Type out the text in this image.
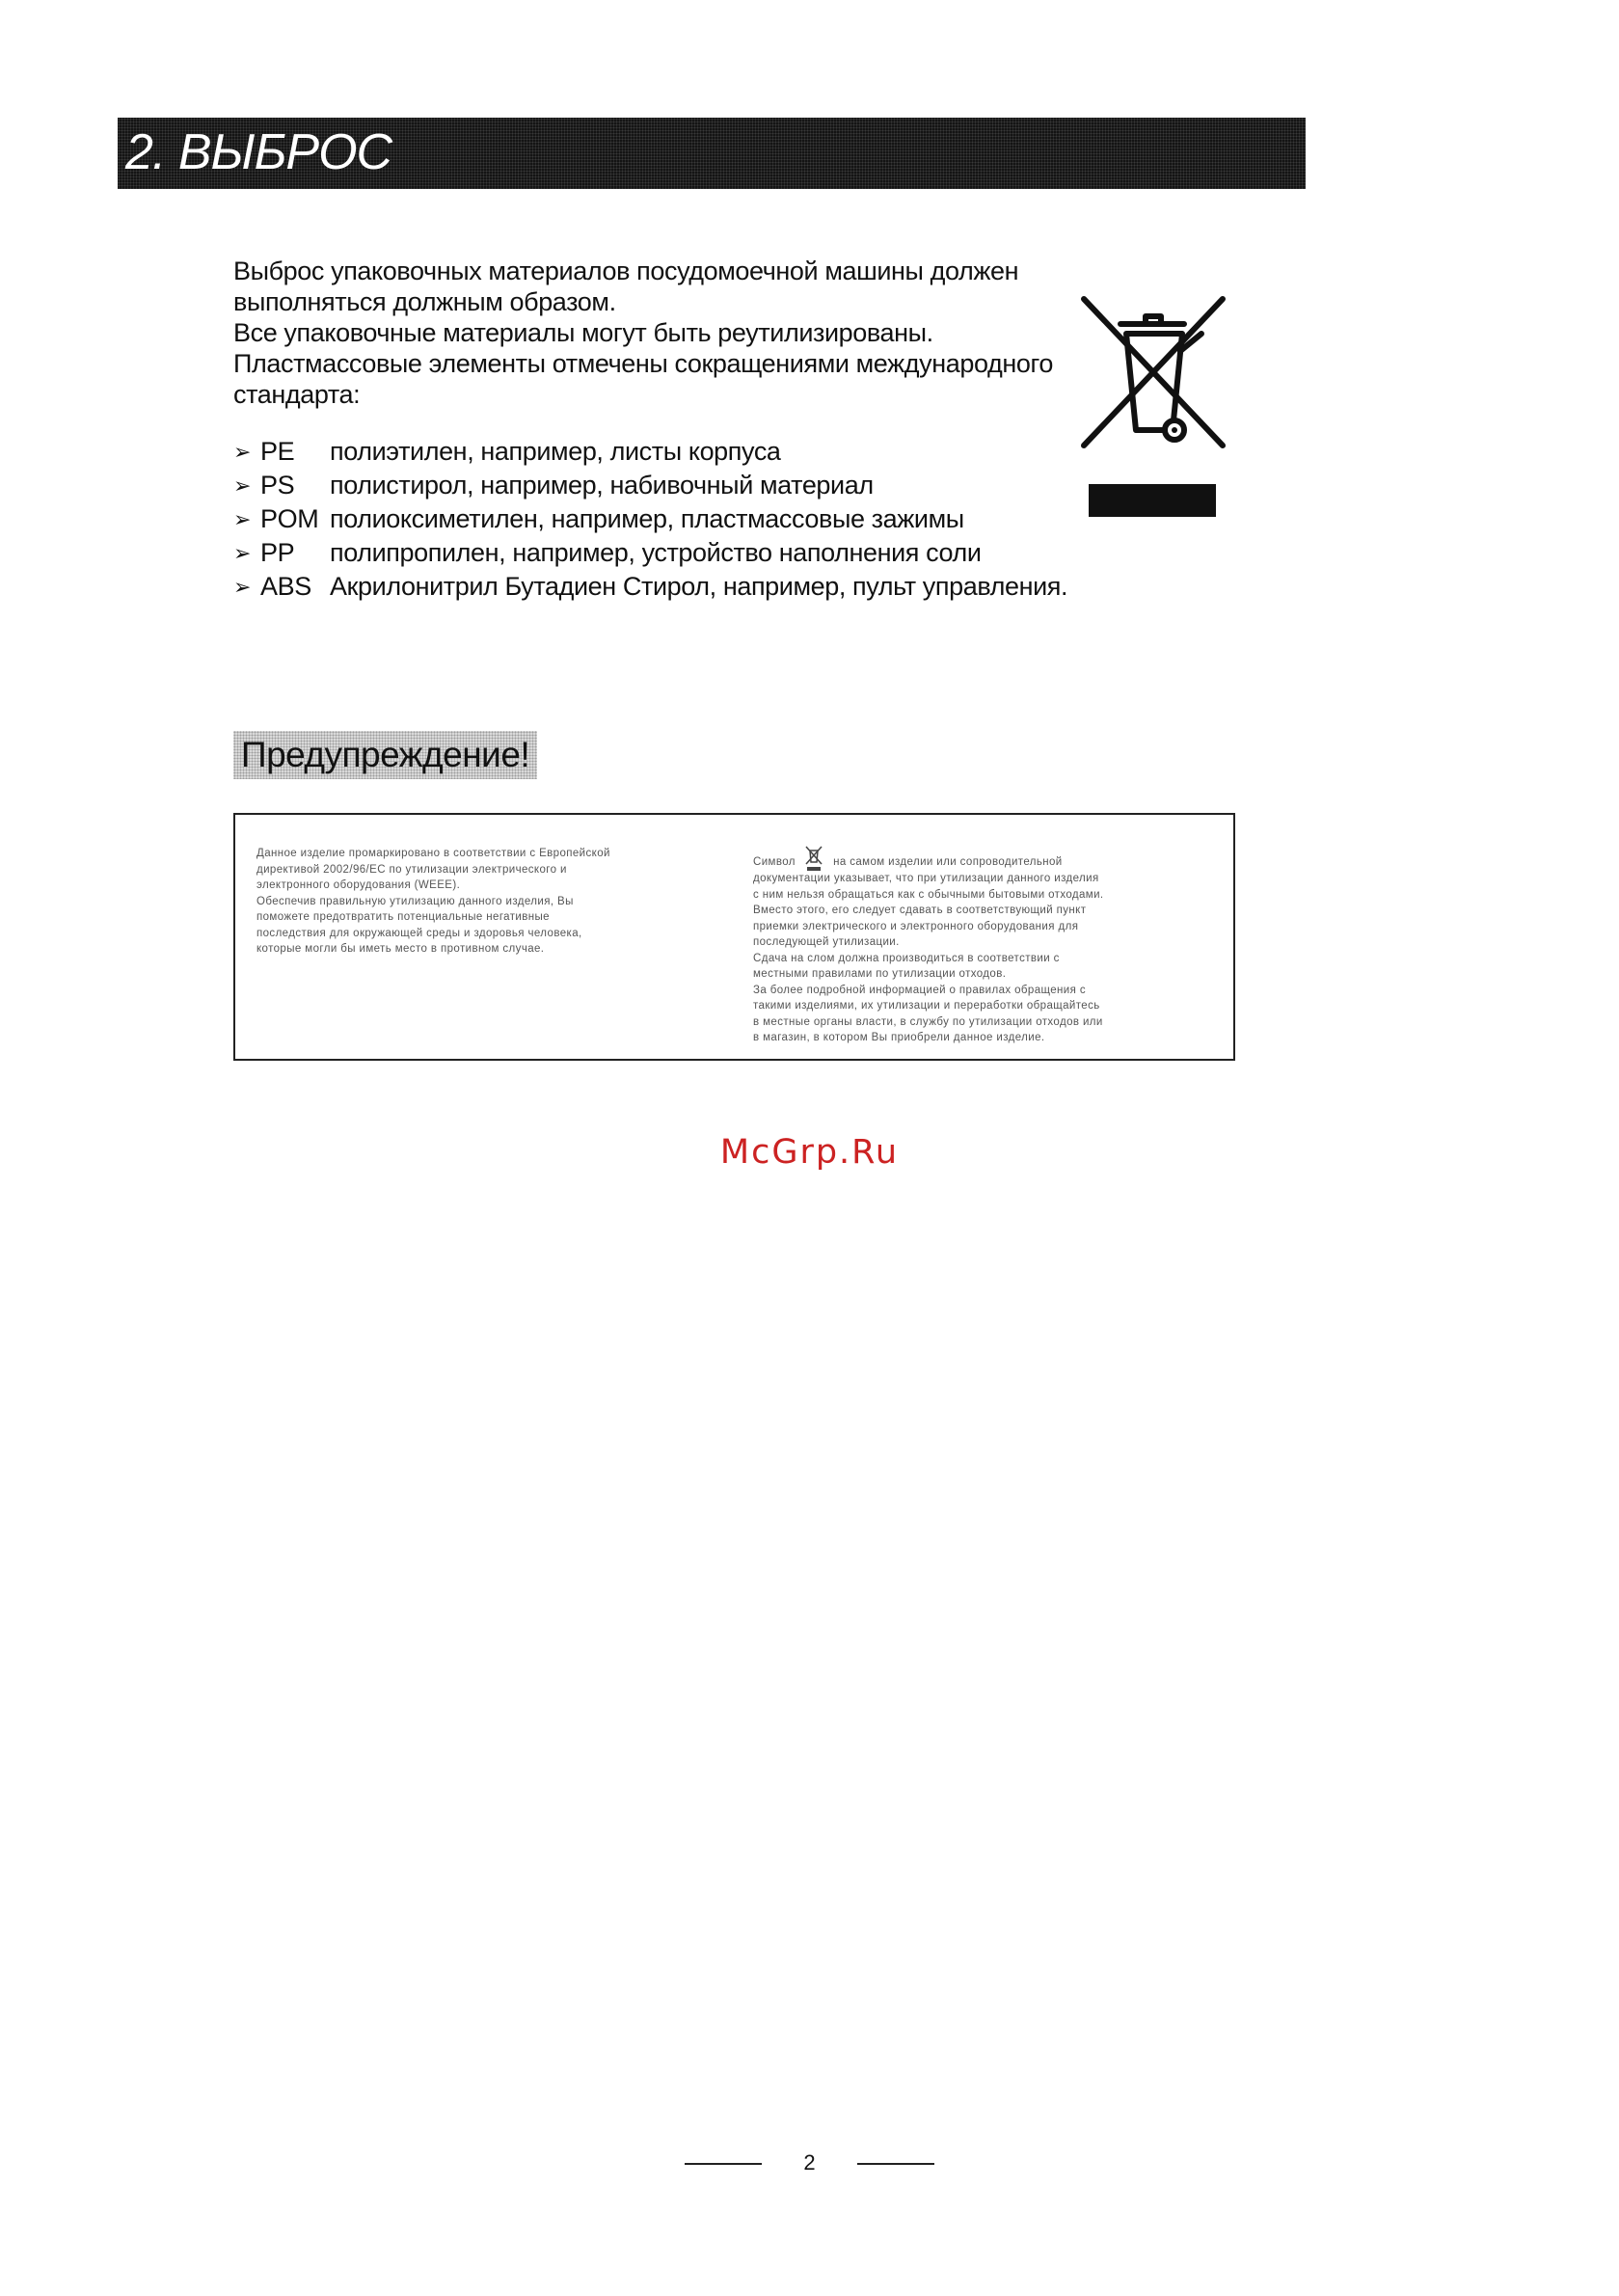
2. ВЫБРОС

Выброс упаковочных материалов посудомоечной машины должен

выполняться должным образом.

Все упаковочные материалы могут быть реутилизированы.

Пластмассовые элементы отмечены сокращениями международного

стандарта:

➢ PE	полиэтилен, например, листы корпуса
➢ PS	полистирол, например, набивочный материал
➢ POM полиоксиметилен, например, пластмассовые зажимы
➢ PP	полипропилен, например, устройство наполнения соли
➢ ABS Акрилонитрил Бутадиен Стирол, например, пульт управления.
Предупреждение!

Данное изделие промаркировано в соответствии с Европейской

директивой 2002/96/ЕС по утилизации электрического и

электронного оборудования (WEEE).

Обеспечив правильную утилизацию данного изделия, Вы

поможете предотвратить потенциальные негативные

последствия для окружающей среды и здоровья человека,

которые могли бы иметь место в противном случае.

Символ	на самом изделии или сопроводительной

документации указывает, что при утилизации данного изделия

с ним нельзя обращаться как с обычными бытовыми отходами.

Вместо этого, его следует сдавать в соответствующий пункт

приемки электрического и электронного оборудования для

последующей утилизации.

Сдача на слом должна производиться в соответствии с

местными правилами по утилизации отходов.

За более подробной информацией о правилах обращения с

такими изделиями, их утилизации и переработки обращайтесь

в местные органы власти, в службу по утилизации отходов или

в магазин, в котором Вы приобрели данное изделие.

McGrp.Ru
2
